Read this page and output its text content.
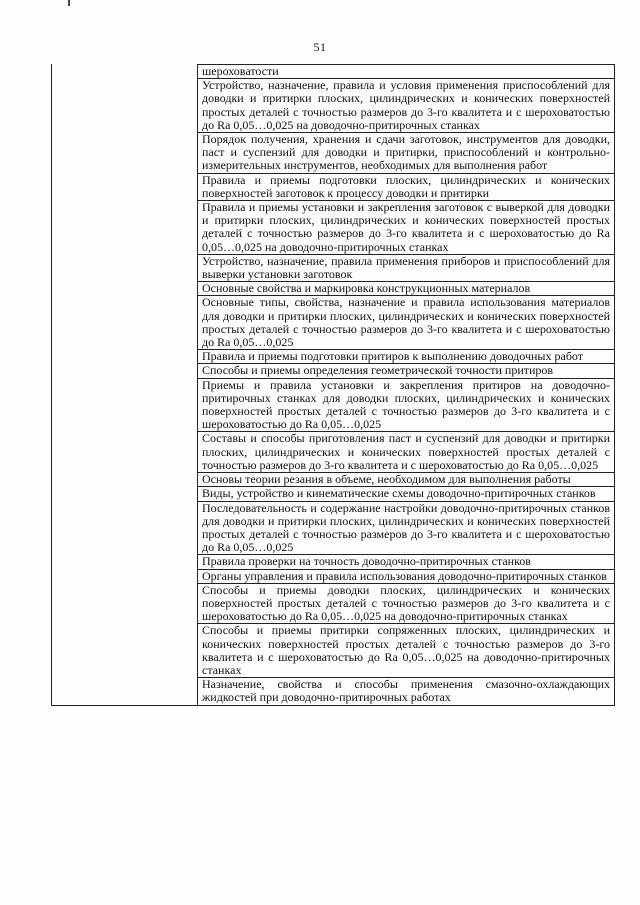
51
шероховатости
Устройство, назначение, правила и условия применения приспособлений для доводки и притирки плоских, цилиндрических и конических поверхностей простых деталей с точностью размеров до 3-го квалитета и с шероховатостью до Ra 0,05…0,025 на доводочно-притирочных станках
Порядок получения, хранения и сдачи заготовок, инструментов для доводки, паст и суспензий для доводки и притирки, приспособлений и контрольно-измерительных инструментов, необходимых для выполнения работ
Правила и приемы подготовки плоских, цилиндрических и конических поверхностей заготовок к процессу доводки и притирки
Правила и приемы установки и закрепления заготовок с выверкой для доводки и притирки плоских, цилиндрических и конических поверхностей простых деталей с точностью размеров до 3-го квалитета и с шероховатостью до Ra 0,05…0,025 на доводочно-притирочных станках
Устройство, назначение, правила применения приборов и приспособлений для выверки установки заготовок
Основные свойства и маркировка конструкционных материалов
Основные типы, свойства, назначение и правила использования материалов для доводки и притирки плоских, цилиндрических и конических поверхностей простых деталей с точностью размеров до 3-го квалитета и с шероховатостью до Ra 0,05…0,025
Правила и приемы подготовки притиров к выполнению доводочных работ
Способы и приемы определения геометрической точности притиров
Приемы и правила установки и закрепления притиров на доводочно-притирочных станках для доводки плоских, цилиндрических и конических поверхностей простых деталей с точностью размеров до 3-го квалитета и с шероховатостью до Ra 0,05…0,025
Составы и способы приготовления паст и суспензий для доводки и притирки плоских, цилиндрических и конических поверхностей простых деталей с точностью размеров до 3-го квалитета и с шероховатостью до Ra 0,05…0,025
Основы теории резания в объеме, необходимом для выполнения работы
Виды, устройство и кинематические схемы доводочно-притирочных станков
Последовательность и содержание настройки доводочно-притирочных станков для доводки и притирки плоских, цилиндрических и конических поверхностей простых деталей с точностью размеров до 3-го квалитета и с шероховатостью до Ra 0,05…0,025
Правила проверки на точность доводочно-притирочных станков
Органы управления и правила использования доводочно-притирочных станков
Способы и приемы доводки плоских, цилиндрических и конических поверхностей простых деталей с точностью размеров до 3-го квалитета и с шероховатостью до Ra 0,05…0,025 на доводочно-притирочных станках
Способы и приемы притирки сопряженных плоских, цилиндрических и конических поверхностей простых деталей с точностью размеров до 3-го квалитета и с шероховатостью до Ra 0,05…0,025 на доводочно-притирочных станках
Назначение, свойства и способы применения смазочно-охлаждающих жидкостей при доводочно-притирочных работах
